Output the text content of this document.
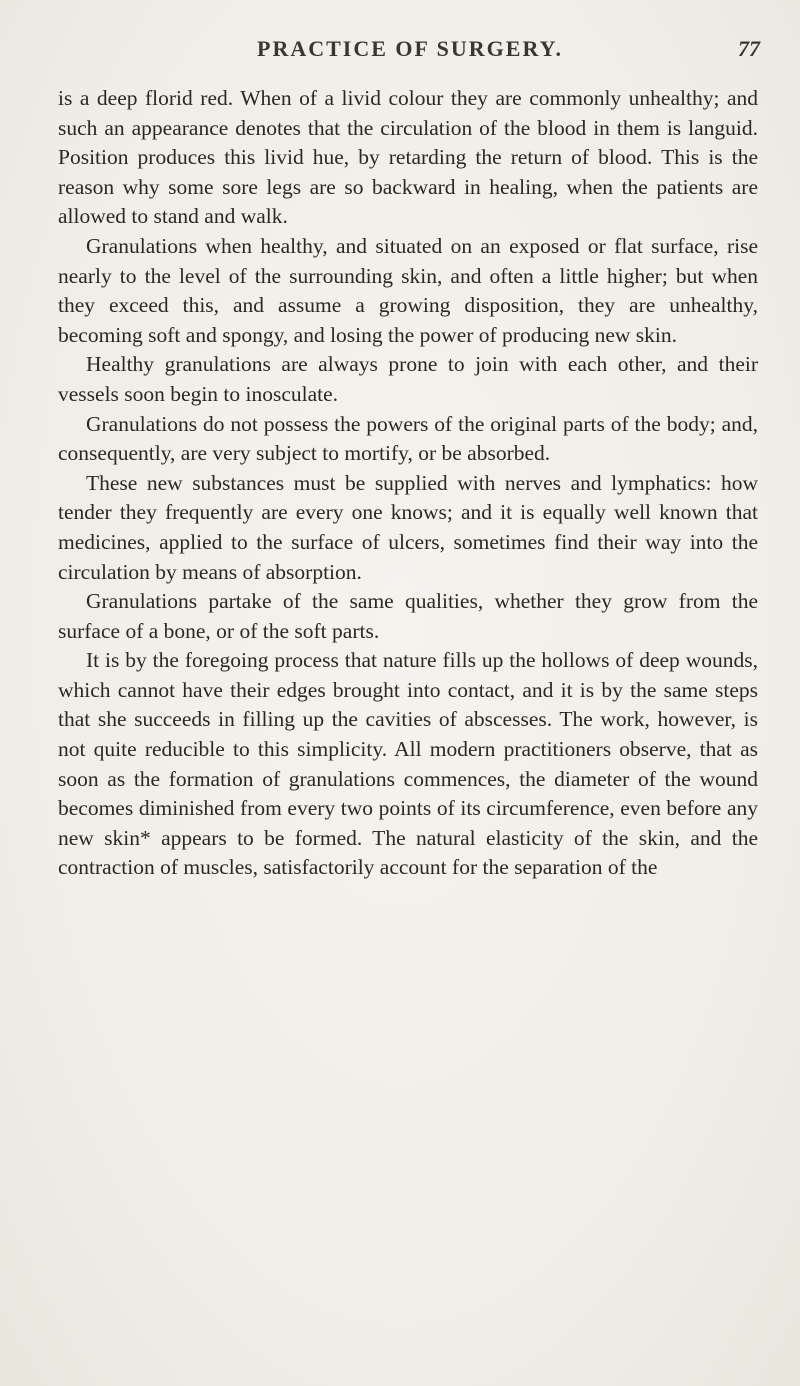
PRACTICE OF SURGERY.	77

is a deep florid red. When of a livid colour they are commonly unhealthy; and such an appearance denotes that the circulation of the blood in them is languid. Position produces this livid hue, by retarding the return of blood. This is the reason why some sore legs are so backward in healing, when the patients are allowed to stand and walk.

Granulations when healthy, and situated on an exposed or flat surface, rise nearly to the level of the surrounding skin, and often a little higher; but when they exceed this, and assume a growing disposition, they are unhealthy, becoming soft and spongy, and losing the power of producing new skin.

Healthy granulations are always prone to join with each other, and their vessels soon begin to inosculate.

Granulations do not possess the powers of the original parts of the body; and, consequently, are very subject to mortify, or be absorbed.

These new substances must be supplied with nerves and lymphatics: how tender they frequently are every one knows; and it is equally well known that medicines, applied to the surface of ulcers, sometimes find their way into the circulation by means of absorption.

Granulations partake of the same qualities, whether they grow from the surface of a bone, or of the soft parts.

It is by the foregoing process that nature fills up the hollows of deep wounds, which cannot have their edges brought into contact, and it is by the same steps that she succeeds in filling up the cavities of abscesses. The work, however, is not quite reducible to this simplicity. All modern practitioners observe, that as soon as the formation of granulations commences, the diameter of the wound becomes diminished from every two points of its circumference, even before any new skin* appears to be formed. The natural elasticity of the skin, and the contraction of muscles, satisfactorily account for the separation of the
